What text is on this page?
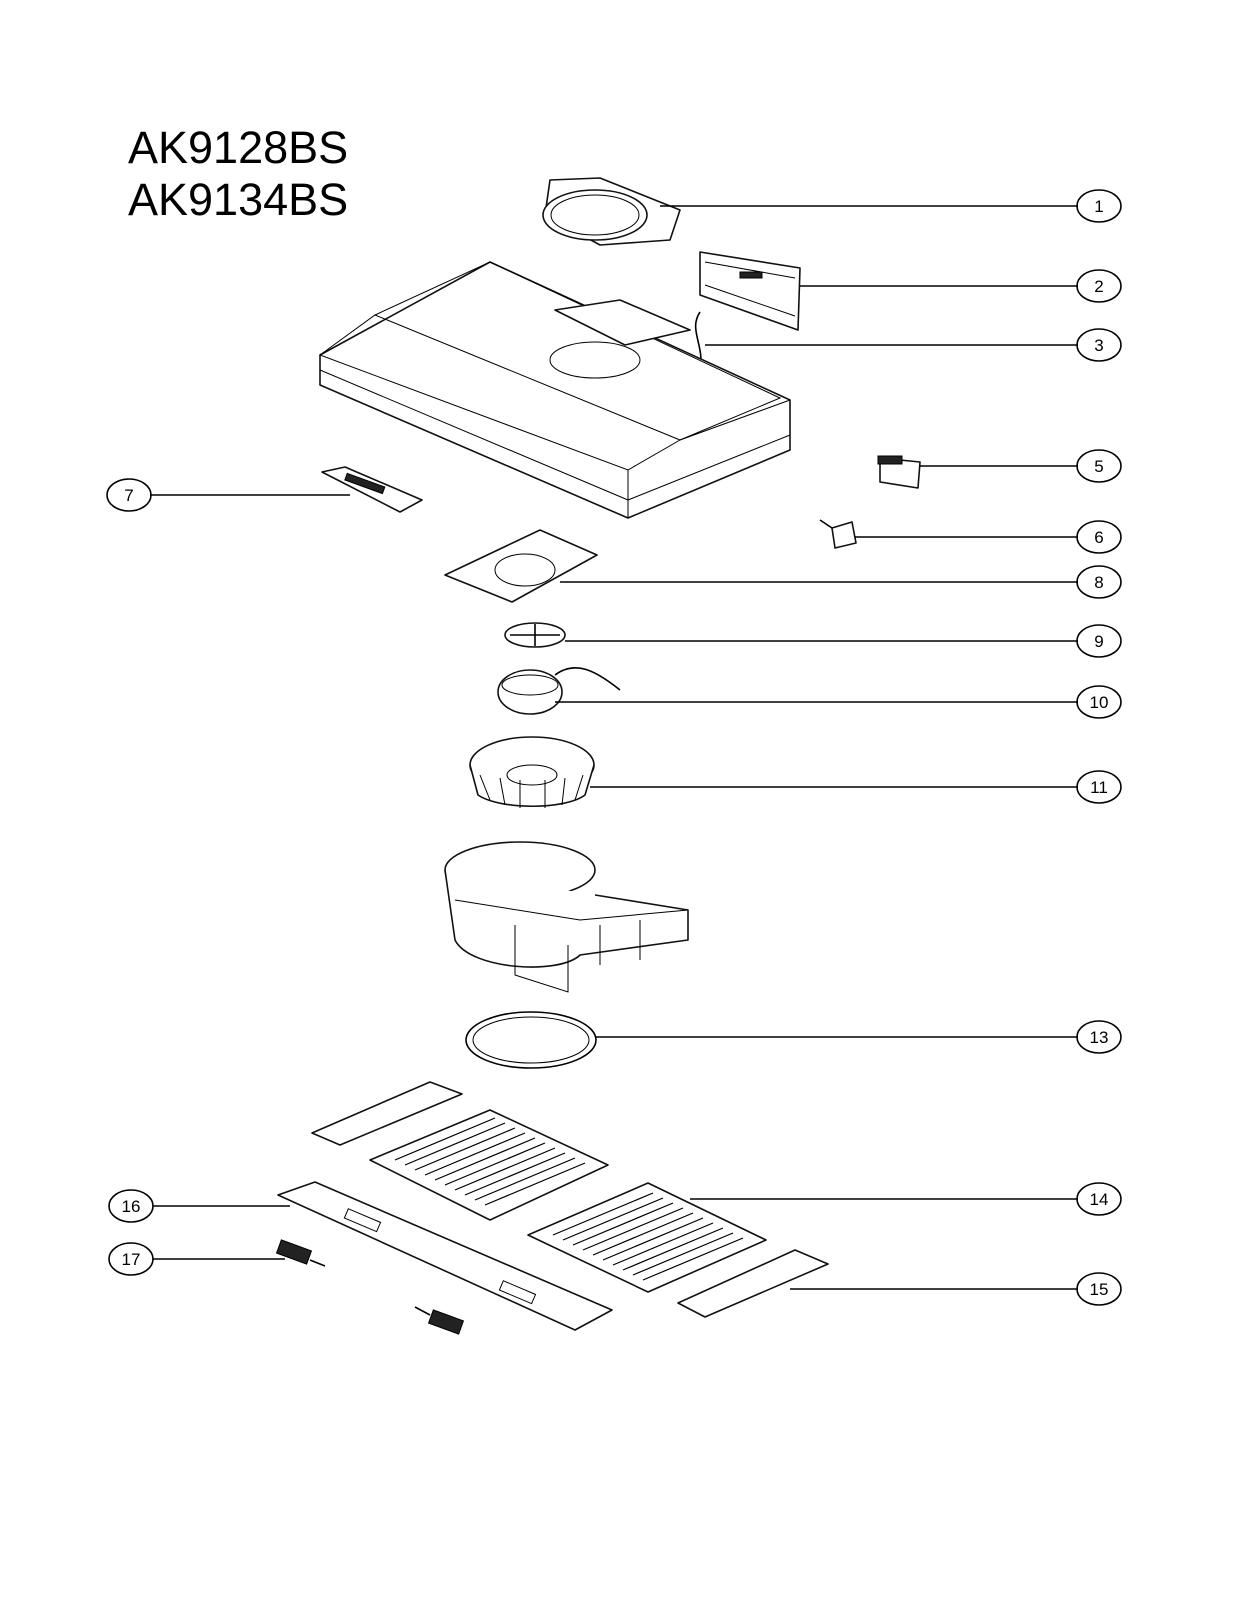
AK9128BS
AK9134BS	1
2
3
5
6
7
8
9
10
11
13
14
15
16
17
